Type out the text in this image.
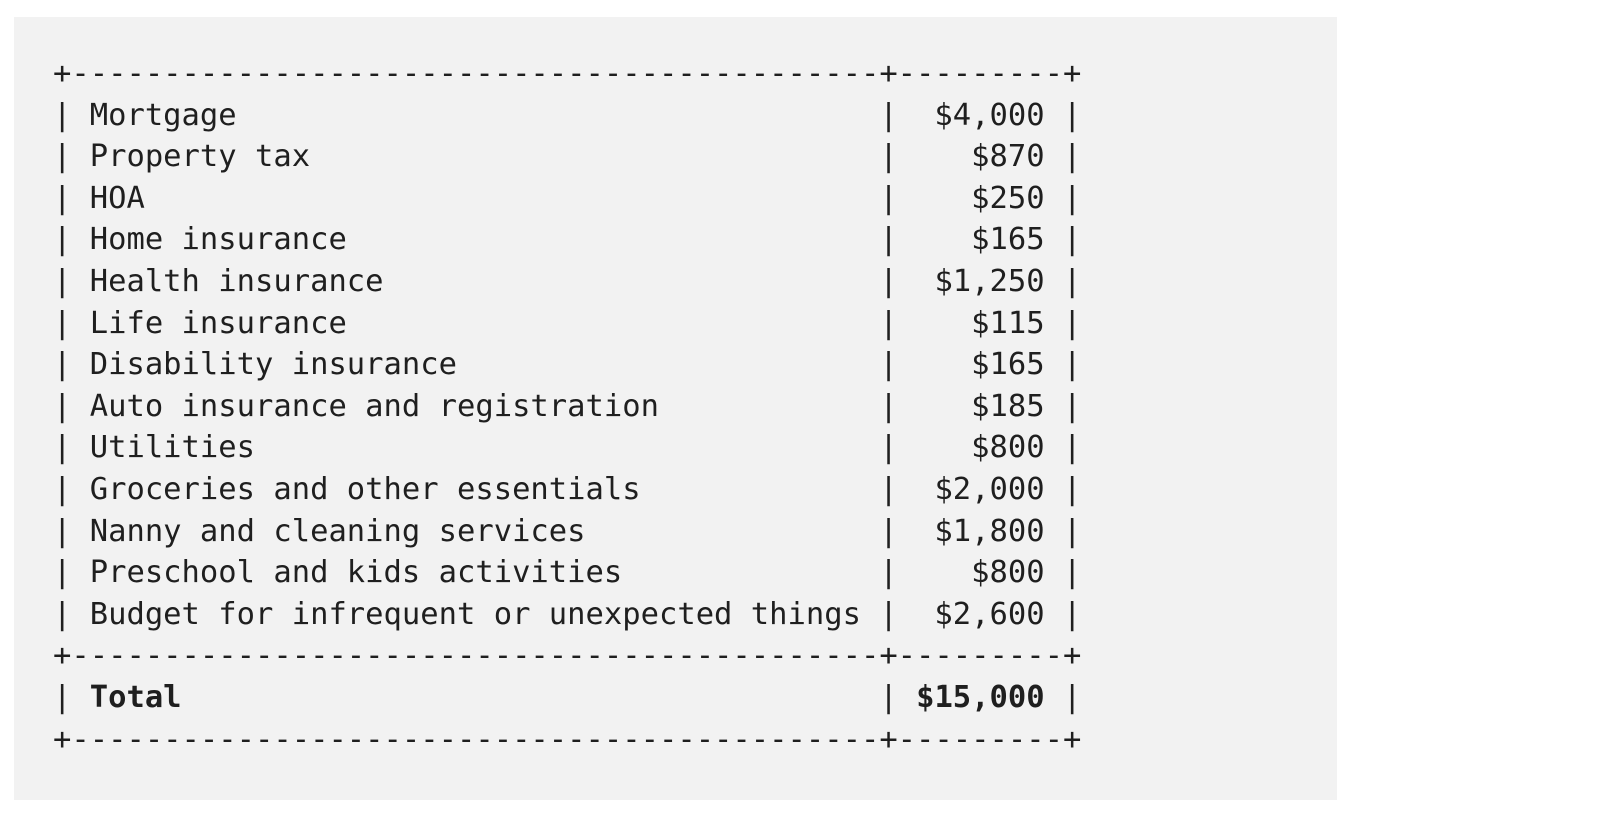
+--------------------------------------------+---------+
| Mortgage                                   |  $4,000 |
| Property tax                               |    $870 |
| HOA                                        |    $250 |
| Home insurance                             |    $165 |
| Health insurance                           |  $1,250 |
| Life insurance                             |    $115 |
| Disability insurance                       |    $165 |
| Auto insurance and registration            |    $185 |
| Utilities                                  |    $800 |
| Groceries and other essentials             |  $2,000 |
| Nanny and cleaning services                |  $1,800 |
| Preschool and kids activities              |    $800 |
| Budget for infrequent or unexpected things |  $2,600 |
+--------------------------------------------+---------+
| Total                                      | $15,000 |
+--------------------------------------------+---------+
